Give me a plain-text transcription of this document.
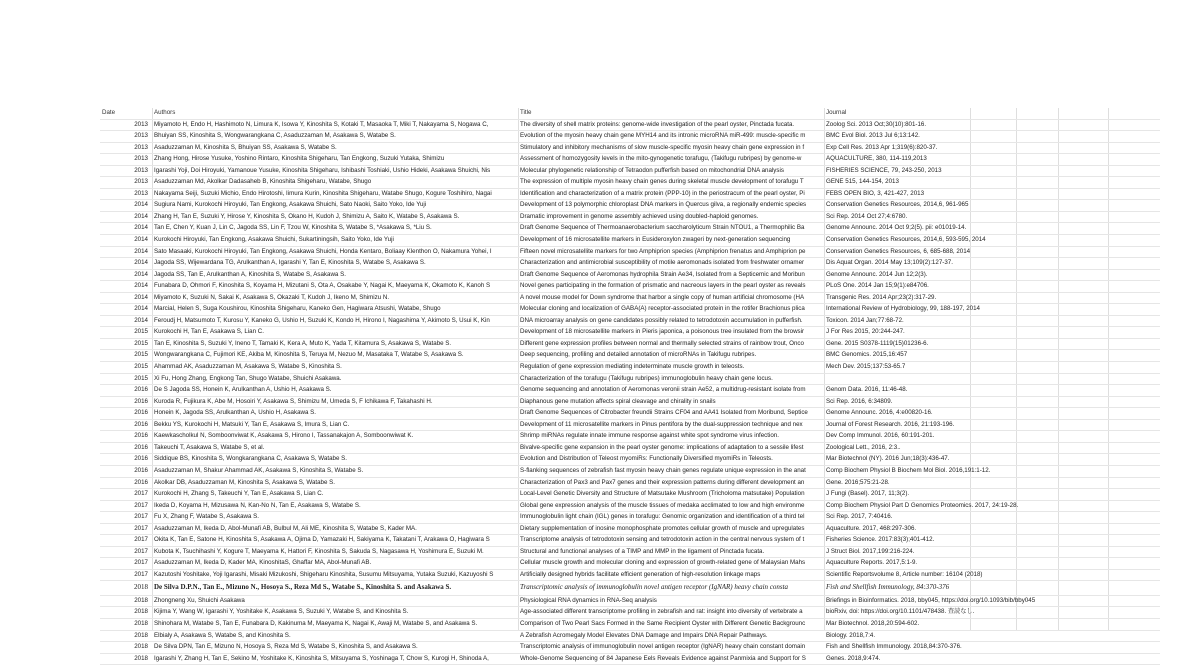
Date	Authors	Title	Journal				
2013	Miyamoto H, Endo H, Hashimoto N, Limura K, Isowa Y, Kinoshita S, Kotaki T, Masaoka T, Miki T, Nakayama S, Nogawa C,	The diversity of shell matrix proteins: genome-wide investigation of the pearl oyster, Pinctada fucata.	Zoolog Sci. 2013 Oct;30(10):801-16.				
2013	Bhuiyan SS, Kinoshita S, Wongwarangkana C, Asaduzzaman M, Asakawa S, Watabe S.	Evolution of the myosin heavy chain gene MYH14 and its intronic microRNA miR-499: muscle-specific m	BMC Evol Biol. 2013 Jul 6;13:142.				
2013	Asaduzzaman M, Kinoshita S, Bhuiyan SS, Asakawa S, Watabe S.	Stimulatory and inhibitory mechanisms of slow muscle-specific myosin heavy chain gene expression in f	Exp Cell Res. 2013 Apr 1;319(6):820-37.				
2013	Zhang Hong, Hirose Yusuke, Yoshino Rintaro, Kinoshita Shigeharu, Tan Engkong, Suzuki Yutaka, Shimizu	Assessment of homozygosity levels in the mito-gynogenetic torafugu, (Takifugu rubripes) by genome-w	AQUACULTURE, 380, 114-119,2013				
2013	Igarashi Yoji, Doi Hiroyuki, Yamanoue Yusuke, Kinoshita Shigeharu, Ishibashi Toshiaki, Ushio Hideki, Asakawa Shuichi, Nis	Molecular phylogenetic relationship of Tetraodon pufferfish based on mitochondrial DNA analysis	FISHERIES SCIENCE, 79, 243-250, 2013				
2013	Asaduzzaman Md, Akolkar Dadasaheb B, Kinoshita Shigeharu, Watabe, Shugo	The expression of multiple myosin heavy chain genes during skeletal muscle development of torafugu T	GENE 515, 144-154, 2013				
2013	Nakayama Seiji, Suzuki Michio, Endo Hirotoshi, Iimura Kurin, Kinoshita Shigeharu, Watabe Shugo, Kogure Toshihiro, Nagai	Identification and characterization of a matrix protein (PPP-10) in the periostracum of the pearl oyster, Pi	FEBS OPEN BIO, 3, 421-427, 2013				
2014	Sugiura Nami, Kurokochi Hiroyuki, Tan Engkong, Asakawa Shuichi, Sato Naoki, Saito Yoko, Ide Yuji	Development of 13 polymorphic chloroplast DNA markers in Quercus gilva, a regionally endemic species	Conservation Genetics Resources, 2014,6, 961-965				
2014	Zhang H, Tan E, Suzuki Y, Hirose Y, Kinoshita S, Okano H, Kudoh J, Shimizu A, Saito K, Watabe S, Asakawa S.	Dramatic improvement in genome assembly achieved using doubled-haploid genomes.	Sci Rep. 2014 Oct 27;4:6780.				
2014	Tan E, Chen Y, Kuan J, Lin C, Jagoda SS, Lin F, Tzou W, Kinoshita S, Watabe S, *Asakawa S, *Liu S.	Draft Genome Sequence of Thermoanaerobacterium saccharolyticum Strain NTOU1, a Thermophilic Ba	Genome Announc. 2014 Oct 9;2(5). pii: e01019-14.				
2014	Kurokochi Hiroyuki, Tan Engkong, Asakawa Shuichi, Sukartiningsih, Saito Yoko, Ide Yuji	Development of 16 microsatellite markers in Eusideroxylon zwageri by next-generation sequencing	Conservation Genetics Resources, 2014,6, 593-595, 2014				
2014	Sato Masaaki, Kurokochi Hiroyuki, Tan Engkong, Asakawa Shuichi, Honda Kentaro, Boliaay Klenthon O, Nakamura Yohei, I	Fifteen novel microsatellite markers for two Amphiprion species (Amphiprion frenatus and Amphiprion pe	Conservation Genetics Resources, 6, 685-688, 2014				
2014	Jagoda SS, Wijewardana TG, Arulkanthan A, Igarashi Y, Tan E, Kinoshita S, Watabe S, Asakawa S.	Characterization and antimicrobial susceptibility of motile aeromonads isolated from freshwater ornamer	Dis Aquat Organ. 2014 May 13;109(2):127-37.				
2014	Jagoda SS, Tan E, Arulkanthan A, Kinoshita S, Watabe S, Asakawa S.	Draft Genome Sequence of Aeromonas hydrophila Strain Ae34, Isolated from a Septicemic and Moribun	Genome Announc. 2014 Jun 12;2(3).				
2014	Funabara D, Ohmori F, Kinoshita S, Koyama H, Mizutani S, Ota A, Osakabe Y, Nagai K, Maeyama K, Okamoto K, Kanoh S	Novel genes participating in the formation of prismatic and nacreous layers in the pearl oyster as reveals	PLoS One. 2014 Jan 15;9(1):e84706.				
2014	Miyamoto K, Suzuki N, Sakai K, Asakawa S, Okazaki T, Kudoh J, Ikeno M, Shimizu N.	A novel mouse model for Down syndrome that harbor a single copy of human artificial chromosome (HA	Transgenic Res. 2014 Apr;23(2):317-29.				
2014	Marcial, Helen S, Suga Koushirou, Kinoshita Shigeharu, Kaneko Gen, Hagiwara Atsushi, Watabe, Shugo	Molecular cloning and localization of GABA(A) receptor-associated protein in the rotifer Brachionus plica	International Review of Hydrobiology, 99, 188-197, 2014				
2014	Feroudj H, Matsumoto T, Kurosu Y, Kaneko G, Ushio H, Suzuki K, Kondo H, Hirono I, Nagashima Y, Akimoto S, Usui K, Kin	DNA microarray analysis on gene candidates possibly related to tetrodotoxin accumulation in pufferfish.	Toxicon. 2014 Jan;77:68-72.				
2015	Kurokochi H, Tan E, Asakawa S, Lian C.	Development of 18 microsatellite markers in Pieris japonica, a poisonous tree insulated from the browsir	J For Res 2015, 20:244-247.				
2015	Tan E, Kinoshita S, Suzuki Y, Ineno T, Tamaki K, Kera A, Muto K, Yada T, Kitamura S, Asakawa S, Watabe S.	Different gene expression profiles between normal and thermally selected strains of rainbow trout, Onco	Gene. 2015 S0378-1119(15)01236-6.				
2015	Wongwarangkana C, Fujimori KE, Akiba M, Kinoshita S, Teruya M, Nezuo M, Masataka T, Watabe S, Asakawa S.	Deep sequencing, profiling and detailed annotation of microRNAs in Takifugu rubripes.	BMC Genomics. 2015,16:457				
2015	Ahammad AK, Asaduzzaman M, Asakawa S, Watabe S, Kinoshita S.	Regulation of gene expression mediating indeterminate muscle growth in teleosts.	Mech Dev. 2015;137:53-65.7				
2015	Xi Fu, Hong Zhang, Engkong Tan, Shugo Watabe, Shuichi Asakawa.	Characterization of the torafugu (Takifugu rubripes) immunoglobulin heavy chain gene locus.					
2016	De S Jagoda SS, Honein K, Arulkanthan A, Ushio H, Asakawa S.	Genome sequencing and annotation of Aeromonas veronii strain Ae52, a multidrug-resistant isolate from	Genom Data. 2016, 11:46-48.				
2016	Kuroda R, Fujikura K, Abe M, Hosoiri Y, Asakawa S, Shimizu M, Umeda S, F Ichikawa F, Takahashi H.	Diaphanous gene mutation affects spiral cleavage and chirality in snails	Sci Rep. 2016, 6:34809.				
2016	Honein K, Jagoda SS, Arulkanthan A, Ushio H, Asakawa S.	Draft Genome Sequences of Citrobacter freundii Strains CF04 and AA41 Isolated from Moribund, Septice	Genome Announc. 2016, 4:e00820-16.				
2016	Bekku YS, Kurokochi H, Matsuki Y, Tan E, Asakawa S, Imura S, Lian C.	Development of 11 microsatellite markers in Pinus pentifora by the dual-suppression technique and nex	Journal of Forest Research. 2016, 21:193-196.				
2016	Kaewkascholkul N, Somboonviwat K, Asakawa S, Hirono I, Tassanakajon A, Somboonwiwat K.	Shrimp miRNAs regulate innate immune response against white spot syndrome virus infection.	Dev Comp Immunol. 2016, 60:191-201.				
2016	Takeuchi T, Asakawa S, Watabe S, et al.	Bivalve-specific gene expansion in the pearl oyster genome: implications of adaptation to a sessile lifest	Zoological Lett., 2016, 2:3..				
2016	Siddique BS, Kinoshita S, Wongkarangkana C, Asakawa S, Watabe S.	Evolution and Distribution of Teleost myomiRs: Functionally Diversified myomiRs in Teleosts.	Mar Biotechnol (NY). 2016 Jun;18(3):436-47.				
2016	Asaduzzaman M, Shakur Ahammad AK, Asakawa S, Kinoshita S, Watabe S.	S-flanking sequences of zebrafish fast myosin heavy chain genes regulate unique expression in the anat	Comp Biochem Physiol B Biochem Mol Biol. 2016,191:1-12.				
2016	Akolkar DB, Asaduzzaman M, Kinoshita S, Asakawa S, Watabe S.	Characterization of Pax3 and Pax7 genes and their expression patterns during different development an	Gene. 2016;575:21-28.				
2017	Kurokochi H, Zhang S, Takeuchi Y, Tan E, Asakawa S, Lian C.	Local-Level Genetic Diversity and Structure of Matsutake Mushroom (Tricholoma matsutake) Population	J Fungi (Basel). 2017, 11;3(2).				
2017	Ikeda D, Koyama H, Mizusawa N, Kan-No N, Tan E, Asakawa S, Watabe S.	Global gene expression analysis of the muscle tissues of medaka acclimated to low and high environme	Comp Biochem Physiol Part D Genomics Proteomics. 2017, 24:19-28.				
2017	Fu X, Zhang F, Watabe S, Asakawa S.	Immunoglobulin light chain (IGL) genes in torafugu: Genomic organization and identification of a third tel	Sci Rep. 2017, 7:40416.				
2017	Asaduzzaman M, Ikeda D, Abol-Munafi AB, Bulbul M, Ali ME, Kinoshita S, Watabe S, Kader MA.	Dietary supplementation of inosine monophosphate promotes cellular growth of muscle and upregulates	Aquaculture. 2017, 468:297-306.				
2017	Okita K, Tan E, Satone H, Kinoshita S, Asakawa A, Ojima D, Yamazaki H, Sakiyama K, Takatani T, Arakawa O, Hagiwara S	Transcriptome analysis of tetrodotoxin sensing and tetrodotoxin action in the central nervous system of t	Fisheries Science. 2017:83(3);401-412.				
2017	Kubota K, Tsuchihashi Y, Kogure T, Maeyama K, Hattori F, Kinoshita S, Sakuda S, Nagasawa H, Yoshimura E, Suzuki M.	Structural and functional analyses of a TIMP and MMP in the ligament of Pinctada fucata.	J Struct Biol. 2017,199:216-224.				
2017	Asaduzzaman M, Ikeda D, Kader MA, KinoshitaS, Ghaffar MA, Abol-Munafi AB.	Cellular muscle growth and molecular cloning and expression of growth-related gene of Malaysian Mahs	Aquaculture Reports. 2017,5:1-9.				
2017	Kazutoshi Yoshitake, Yoji Igarashi, Misaki Mizukoshi, Shigeharu Kinoshita, Susumu Mitsuyama, Yutaka Suzuki, Kazuyoshi S	Artificially designed hybrids facilitate efficient generation of high-resolution linkage maps	Scientific Reportsvolume 8, Article number: 16104 (2018)				
2018	De Silva D.P.N., Tan E., Mizuno N., Hosoya S., Reza Md S., Watabe S., Kinoshita S. and Asakawa S.	Transcriptomic analysis of immunoglobulin novel antigen receptor (IgNAR) heavy chain consta	Fish and Shellfish Immunology, 84:370-376				
2018	Zhongneng Xu, Shuichi Asakawa	Physiological RNA dynamics in RNA-Seq analysis	Briefings in Bioinformatics. 2018, bby045, https://doi.org/10.1093/bib/bby045				
2018	Kijima Y, Wang W, Igarashi Y, Yoshitake K, Asakawa S, Suzuki Y, Watabe S, and Kinoshita S.	Age-associated different transcriptome profiling in zebrafish and rat: insight into diversity of vertebrate a	bioRxiv, doi: https://doi.org/10.1101/478438. 査読なし.				
2018	Shinohara M, Watabe S, Tan E, Funabara D, Kakinuma M, Maeyama K, Nagai K, Awaji M, Watabe S, and Asakawa S.	Comparison of Two Pearl Sacs Formed in the Same Recipient Oyster with Different Genetic Backgrounc	Mar Biotechnol. 2018,20:594-602.				
2018	Elbialy A, Asakawa S, Watabe S, and Kinoshita S.	A Zebrafish Acromegaly Model Elevates DNA Damage and Impairs DNA Repair Pathways.	Biology. 2018,7:4.				
2018	De Silva DPN, Tan E, Mizuno N, Hosoya S, Reza Md S, Watabe S, Kinoshita S, and Asakawa S.	Transcriptomic analysis of immunoglobulin novel antigen receptor (IgNAR) heavy chain constant domain	Fish and Shellfish Immunology. 2018,84:370-376.				
2018	Igarashi Y, Zhang H, Tan E, Sekino M, Yoshitake K, Kinoshita S, Mitsuyama S, Yoshinaga T, Chow S, Kurogi H, Shinoda A,	Whole-Genome Sequencing of 84 Japanese Eels Reveals Evidence against Panmixia and Support for S	Genes. 2018,9:474.				
